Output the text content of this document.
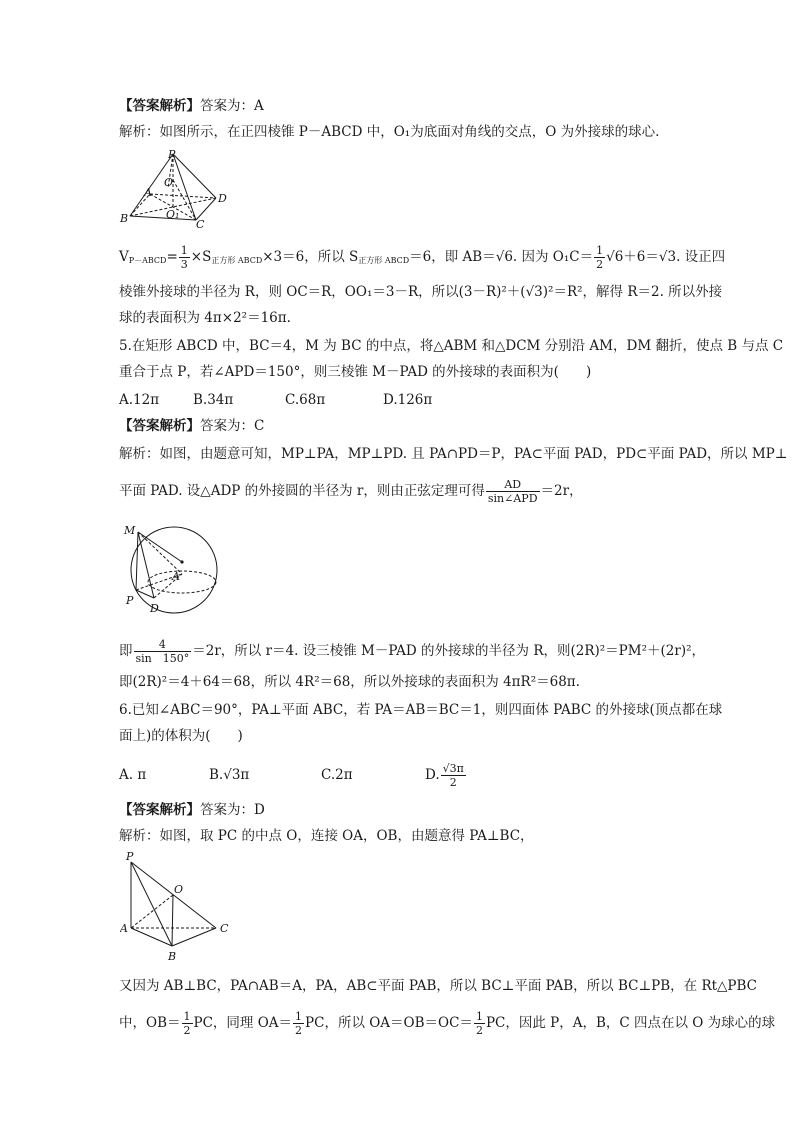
【答案解析】答案为：A
解析：如图所示，在正四棱锥 P－ABCD 中，O₁为底面对角线的交点，O 为外接球的球心.
P
O
A	D
B	O₁
C
$V_{P-ABCD}= \frac{1}{3} \times S_{正方形 ABCD}\times 3=6$，所以 $S_{正方形 ABCD}=6$，即 AB＝√6. 因为 $O_1C= \frac{1}{2} √6+6=√3$. 设正四
棱锥外接球的半径为 R，则 OC＝R，OO₁＝3－R，所以(3－R)²＋(√3)²＝R²，解得 R＝2. 所以外接
球的表面积为 4π×2²＝16π.
5.在矩形 ABCD 中，BC＝4，M 为 BC 的中点，将△ABM 和△DCM 分别沿 AM，DM 翻折，使点 B 与点 C
重合于点 P，若∠APD＝150°，则三棱锥 M－PAD 的外接球的表面积为(　　)
A.12π	B.34π	C.68π	D.126π
【答案解析】答案为：C
解析：如图，由题意可知，MP⊥PA，MP⊥PD. 且 PA∩PD＝P，PA⊂平面 PAD，PD⊂平面 PAD，所以 MP⊥
平面 PAD. 设△ADP 的外接圆的半径为 r，则由正弦定理可得 $\frac{AD}{\text{sin∠APD}} =2r$，
M
A
P
D
即 $\frac{4}{\sin 150^\circ} =2r$，所以 r＝4. 设三棱锥 M－PAD 的外接球的半径为 R，则(2R)²＝PM²＋(2r)²，
即(2R)²＝4＋64＝68，所以 4R²＝68，所以外接球的表面积为 4πR²＝68π.
6.已知∠ABC＝90°，PA⊥平面 ABC，若 PA＝AB＝BC＝1，则四面体 PABC 的外接球(顶点都在球
面上)的体积为(　　)
A. π	B.√3π	C.2π	D. $\frac{√3\pi}{2}$
【答案解析】答案为：D
解析：如图，取 PC 的中点 O，连接 OA，OB，由题意得 PA⊥BC，
P
O
A	C
B
又因为 AB⊥BC，PA∩AB＝A，PA，AB⊂平面 PAB，所以 BC⊥平面 PAB，所以 BC⊥PB，在 Rt△PBC
中，$OB= \frac{1}{2}$ PC，同理 $OA= \frac{1}{2}$ PC，所以 $OA=OB=OC= \frac{1}{2}$ PC，因此 P，A，B，C 四点在以 O 为球心的球
